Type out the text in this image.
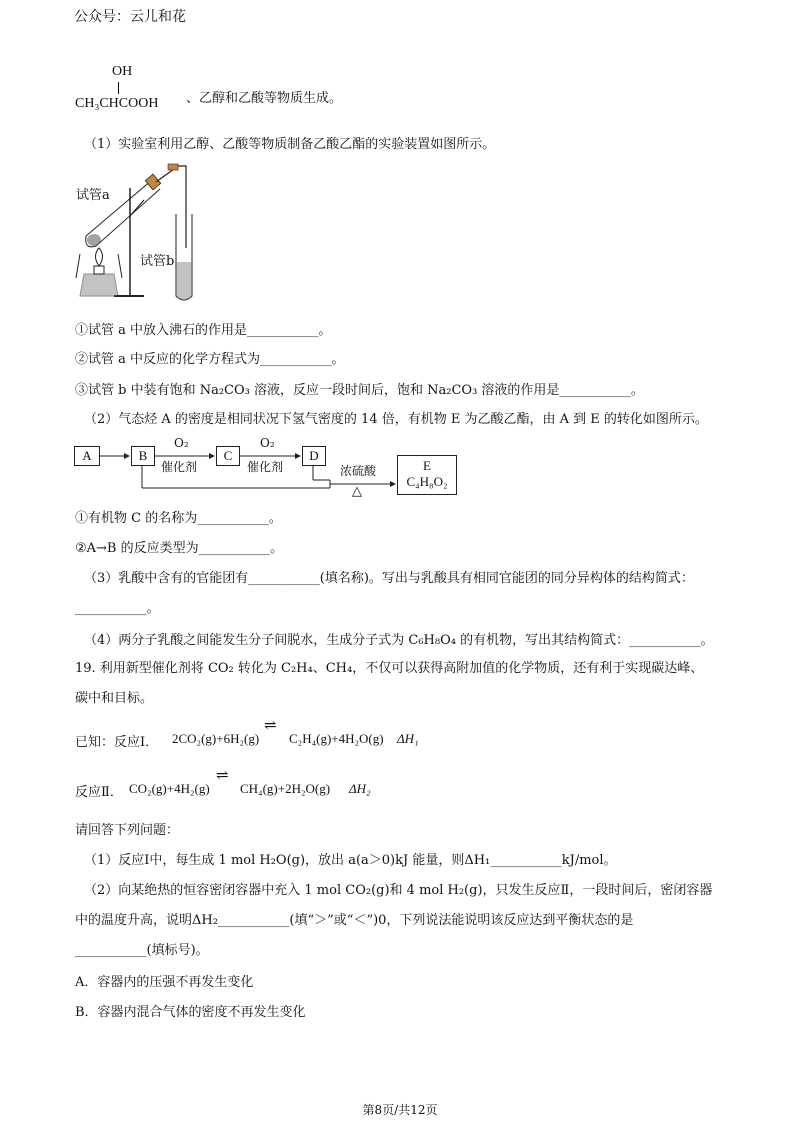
公众号：云儿和花
OH
CH₃CHCOOH 、乙醇和乙酸等物质生成。
（1）实验室利用乙醇、乙酸等物质制备乙酸乙酯的实验装置如图所示。
试管a
试管b
①试管 a 中放入沸石的作用是___________。
②试管 a 中反应的化学方程式为___________。
③试管 b 中装有饱和 Na₂CO₃ 溶液，反应一段时间后，饱和 Na₂CO₃ 溶液的作用是___________。
（2）气态烃 A 的密度是相同状况下氢气密度的 14 倍，有机物 E 为乙酸乙酯，由 A 到 E 的转化如图所示。
A	B	C	D
O₂
催化剂
O₂
催化剂	浓硫酸
△
E
C₄H₈O₂
①有机物 C 的名称为___________。
②A→B 的反应类型为___________。
（3）乳酸中含有的官能团有___________(填名称)。写出与乳酸具有相同官能团的同分异构体的结构简式：
___________。
（4）两分子乳酸之间能发生分子间脱水，生成分子式为 C₆H₈O₄ 的有机物，写出其结构简式：___________。
19. 利用新型催化剂将 CO₂ 转化为 C₂H₄、CH₄，不仅可以获得高附加值的化学物质，还有利于实现碳达峰、
碳中和目标。
已知：反应Ⅰ． 2CO₂(g)+6H₂(g)
⇌
C₂H₄(g)+4H₂O(g) ΔH₁
反应Ⅱ． CO₂(g)+4H₂(g)
⇌
CH₄(g)+2H₂O(g) ΔH₂
请回答下列问题：
（1）反应Ⅰ中，每生成 1 mol H₂O(g)，放出 a(a＞0)kJ 能量，则ΔH₁___________kJ/mol。
（2）向某绝热的恒容密闭容器中充入 1 mol CO₂(g)和 4 mol H₂(g)，只发生反应Ⅱ，一段时间后，密闭容器
中的温度升高，说明ΔH₂___________(填“＞”或“＜”)0，下列说法能说明该反应达到平衡状态的是
___________(填标号)。
A．容器内的压强不再发生变化
B．容器内混合气体的密度不再发生变化
第8页/共12页
